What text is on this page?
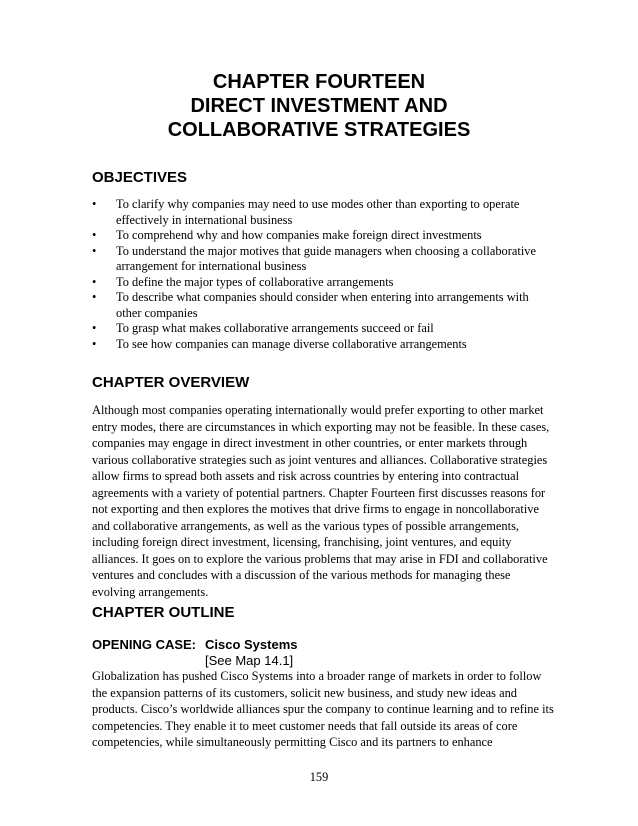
CHAPTER FOURTEEN
DIRECT INVESTMENT AND
COLLABORATIVE STRATEGIES
OBJECTIVES
• To clarify why companies may need to use modes other than exporting to operate effectively in international business
• To comprehend why and how companies make foreign direct investments
• To understand the major motives that guide managers when choosing a collaborative arrangement for international business
• To define the major types of collaborative arrangements
• To describe what companies should consider when entering into arrangements with other companies
• To grasp what makes collaborative arrangements succeed or fail
• To see how companies can manage diverse collaborative arrangements
CHAPTER OVERVIEW

Although most companies operating internationally would prefer exporting to other market entry modes, there are circumstances in which exporting may not be feasible. In these cases, companies may engage in direct investment in other countries, or enter markets through various collaborative strategies such as joint ventures and alliances. Collaborative strategies allow firms to spread both assets and risk across countries by entering into contractual agreements with a variety of potential partners. Chapter Fourteen first discusses reasons for not exporting and then explores the motives that drive firms to engage in noncollaborative and collaborative arrangements, as well as the various types of possible arrangements, including foreign direct investment, licensing, franchising, joint ventures, and equity alliances. It goes on to explore the various problems that may arise in FDI and collaborative ventures and concludes with a discussion of the various methods for managing these evolving arrangements.

CHAPTER OUTLINE
OPENING CASE: Cisco Systems
[See Map 14.1]

Globalization has pushed Cisco Systems into a broader range of markets in order to follow the expansion patterns of its customers, solicit new business, and study new ideas and products. Cisco’s worldwide alliances spur the company to continue learning and to refine its competencies. They enable it to meet customer needs that fall outside its areas of core competencies, while simultaneously permitting Cisco and its partners to enhance

159
